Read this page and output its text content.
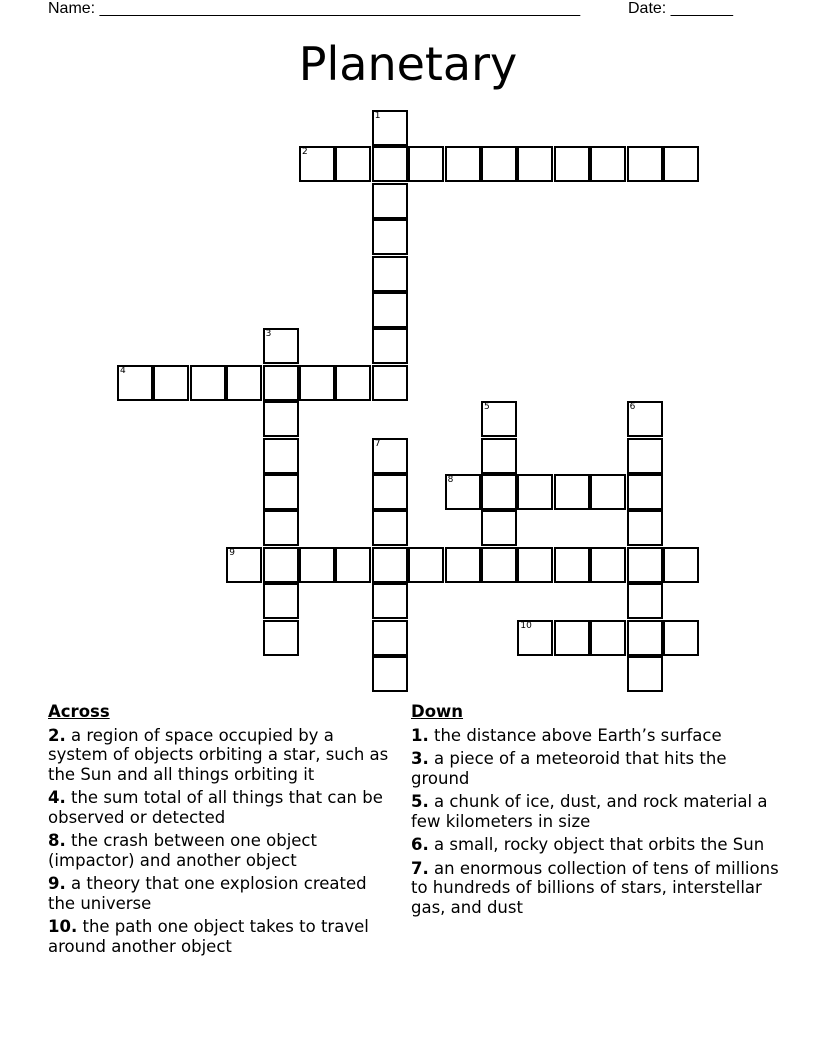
Name: ______________________________________________________	Date: _______
Planetary
1
2
3
4
5	6
7
8
9
10
Across
2. a region of space occupied by a system of objects orbiting a star, such as the Sun and all things orbiting it
4. the sum total of all things that can be observed or detected
8. the crash between one object (impactor) and another object
9. a theory that one explosion created the universe
10. the path one object takes to travel around another object
Down
1. the distance above Earth’s surface
3. a piece of a meteoroid that hits the ground
5. a chunk of ice, dust, and rock material a few kilometers in size
6. a small, rocky object that orbits the Sun
7. an enormous collection of tens of millions to hundreds of billions of stars, interstellar gas, and dust
